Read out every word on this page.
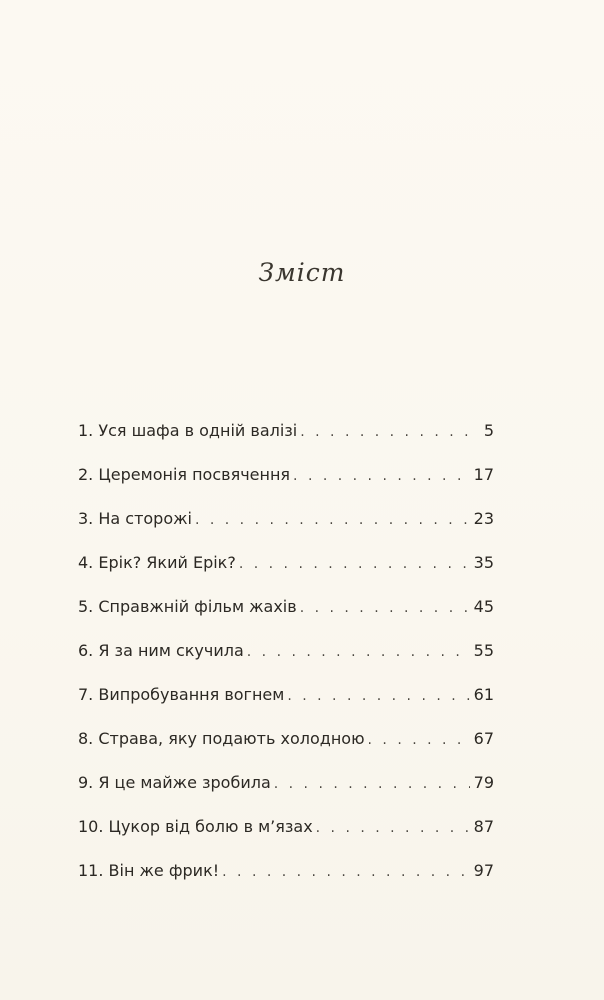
Зміст
1. Уся шафа в одній валізі . . .	5
2. Церемонія посвячення . . .	17
3. На сторожі . . .	23
4. Ерік? Який Ерік? . . .	35
5. Справжній фільм жахів . . .	45
6. Я за ним скучила . . .	55
7. Випробування вогнем . . .	61
8. Страва, яку подають холодною . . .	67
9. Я це майже зробила . . .	79
10. Цукор від болю в м’язах . . .	87
11. Він же фрик! . . .	97
